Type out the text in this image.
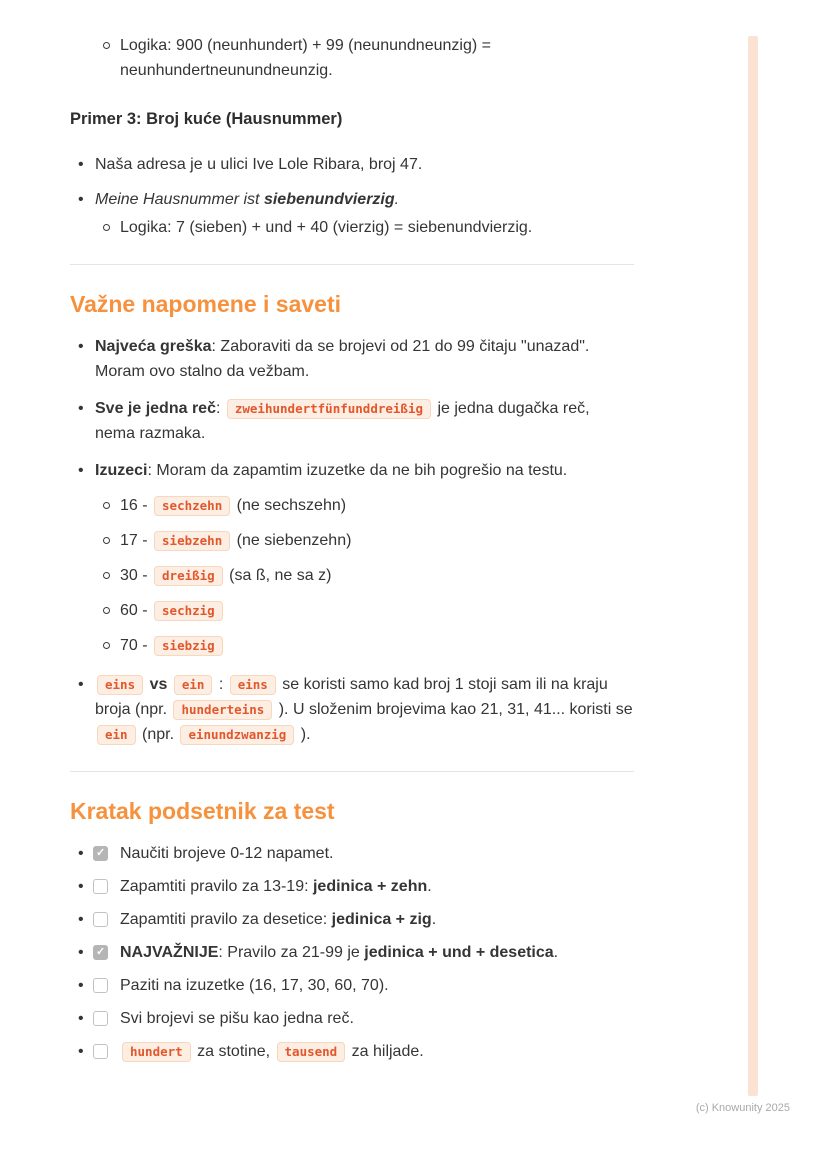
Logika: 900 (neunhundert) + 99 (neunundneunzig) = neunhundertneunundneunzig.
Primer 3: Broj kuće (Hausnummer)
• Naša adresa je u ulici Ive Lole Ribara, broj 47.
• Meine Hausnummer ist siebenundvierzig.
Logika: 7 (sieben) + und + 40 (vierzig) = siebenundvierzig.
Važne napomene i saveti
• Najveća greška: Zaboraviti da se brojevi od 21 do 99 čitaju "unazad". Moram ovo stalno da vežbam.
• Sve je jedna reč: zweihundertfünfunddreißig je jedna dugačka reč, nema razmaka.
• Izuzeci: Moram da zapamtim izuzetke da ne bih pogrešio na testu.
16 - sechzehn (ne sechszehn)
17 - siebzehn (ne siebenzehn)
30 - dreißig (sa ß, ne sa z)
60 - sechzig
70 - siebzig
• eins vs ein : eins se koristi samo kad broj 1 stoji sam ili na kraju broja (npr. hunderteins ). U složenim brojevima kao 21, 31, 41... koristi se ein (npr. einundzwanzig ).
Kratak podsetnik za test
✓
• Naučiti brojeve 0-12 napamet.
• Zapamtiti pravilo za 13-19: jedinica + zehn.
• Zapamtiti pravilo za desetice: jedinica + zig.
✓
• NAJVAŽNIJE: Pravilo za 21-99 je jedinica + und + desetica.
• Paziti na izuzetke (16, 17, 30, 60, 70).
• Svi brojevi se pišu kao jedna reč.
• hundert za stotine, tausend za hiljade.
(c) Knowunity 2025
